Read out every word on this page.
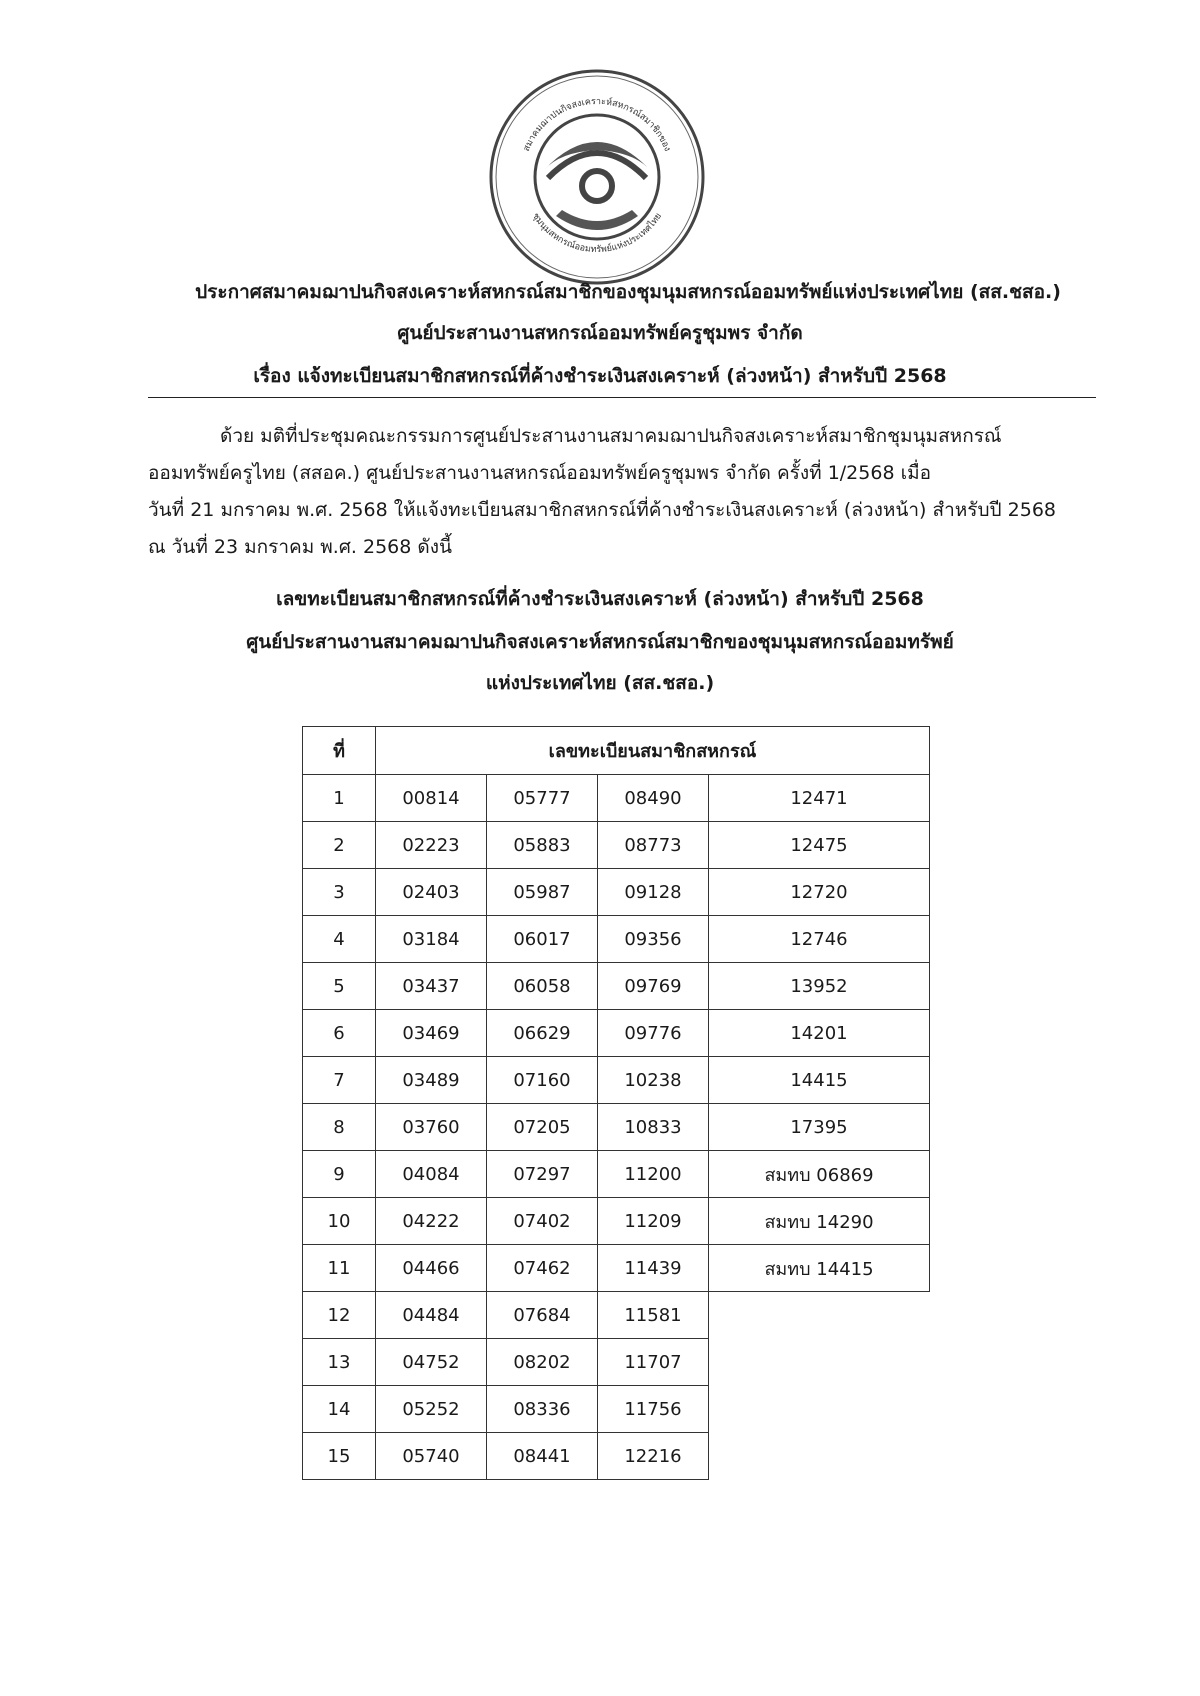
สมาคมฌาปนกิจสงเคราะห์สหกรณ์สมาชิกของ
ชุมนุมสหกรณ์ออมทรัพย์แห่งประเทศไทย
ประกาศสมาคมฌาปนกิจสงเคราะห์สหกรณ์สมาชิกของชุมนุมสหกรณ์ออมทรัพย์แห่งประเทศไทย (สส.ชสอ.)
ศูนย์ประสานงานสหกรณ์ออมทรัพย์ครูชุมพร จำกัด
เรื่อง แจ้งทะเบียนสมาชิกสหกรณ์ที่ค้างชำระเงินสงเคราะห์ (ล่วงหน้า) สำหรับปี 2568
ด้วย มติที่ประชุมคณะกรรมการศูนย์ประสานงานสมาคมฌาปนกิจสงเคราะห์สมาชิกชุมนุมสหกรณ์
ออมทรัพย์ครูไทย (สสอค.) ศูนย์ประสานงานสหกรณ์ออมทรัพย์ครูชุมพร จำกัด ครั้งที่ 1/2568 เมื่อ
วันที่ 21 มกราคม พ.ศ. 2568 ให้แจ้งทะเบียนสมาชิกสหกรณ์ที่ค้างชำระเงินสงเคราะห์ (ล่วงหน้า) สำหรับปี 2568
ณ วันที่ 23 มกราคม พ.ศ. 2568 ดังนี้
เลขทะเบียนสมาชิกสหกรณ์ที่ค้างชำระเงินสงเคราะห์ (ล่วงหน้า) สำหรับปี 2568
ศูนย์ประสานงานสมาคมฌาปนกิจสงเคราะห์สหกรณ์สมาชิกของชุมนุมสหกรณ์ออมทรัพย์
แห่งประเทศไทย (สส.ชสอ.)
ที่	เลขทะเบียนสมาชิกสหกรณ์			
1	00814	05777	08490	12471
2	02223	05883	08773	12475
3	02403	05987	09128	12720
4	03184	06017	09356	12746
5	03437	06058	09769	13952
6	03469	06629	09776	14201
7	03489	07160	10238	14415
8	03760	07205	10833	17395
9	04084	07297	11200	สมทบ 06869
10	04222	07402	11209	สมทบ 14290
11	04466	07462	11439	สมทบ 14415
12	04484	07684	11581	
13	04752	08202	11707	
14	05252	08336	11756	
15	05740	08441	12216	
